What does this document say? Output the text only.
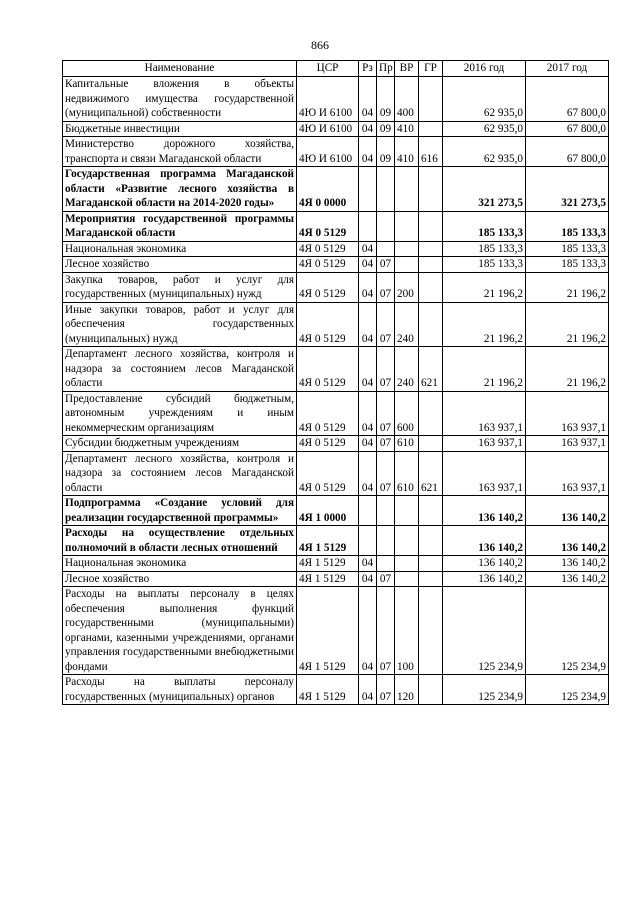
866
Наименование	ЦСР	Рз	Пр	ВР	ГР	2016 год	2017 год
Капитальные вложения в объекты недвижимого имущества государственной (муниципальной) собственности	4Ю И 6100	04	09	400		62 935,0	67 800,0
Бюджетные инвестиции	4Ю И 6100	04	09	410		62 935,0	67 800,0
Министерство дорожного хозяйства, транспорта и связи Магаданской области	4Ю И 6100	04	09	410	616	62 935,0	67 800,0
Государственная программа Магаданской области «Развитие лесного хозяйства в Магаданской области на 2014-2020 годы»	4Я 0 0000					321 273,5	321 273,5
Мероприятия государственной программы Магаданской области	4Я 0 5129					185 133,3	185 133,3
Национальная экономика	4Я 0 5129	04				185 133,3	185 133,3
Лесное хозяйство	4Я 0 5129	04	07			185 133,3	185 133,3
Закупка товаров, работ и услуг для государственных (муниципальных) нужд	4Я 0 5129	04	07	200		21 196,2	21 196,2
Иные закупки товаров, работ и услуг для обеспечения государственных (муниципальных) нужд	4Я 0 5129	04	07	240		21 196,2	21 196,2
Департамент лесного хозяйства, контроля и надзора за состоянием лесов Магаданской области	4Я 0 5129	04	07	240	621	21 196,2	21 196,2
Предоставление субсидий бюджетным, автономным учреждениям и иным некоммерческим организациям	4Я 0 5129	04	07	600		163 937,1	163 937,1
Субсидии бюджетным учреждениям	4Я 0 5129	04	07	610		163 937,1	163 937,1
Департамент лесного хозяйства, контроля и надзора за состоянием лесов Магаданской области	4Я 0 5129	04	07	610	621	163 937,1	163 937,1
Подпрограмма «Создание условий для реализации государственной программы»	4Я 1 0000					136 140,2	136 140,2
Расходы на осуществление отдельных полномочий в области лесных отношений	4Я 1 5129					136 140,2	136 140,2
Национальная экономика	4Я 1 5129	04				136 140,2	136 140,2
Лесное хозяйство	4Я 1 5129	04	07			136 140,2	136 140,2
Расходы на выплаты персоналу в целях обеспечения выполнения функций государственными (муниципальными) органами, казенными учреждениями, органами управления государственными внебюджетными фондами	4Я 1 5129	04	07	100		125 234,9	125 234,9
Расходы на выплаты персоналу государственных (муниципальных) органов	4Я 1 5129	04	07	120		125 234,9	125 234,9
